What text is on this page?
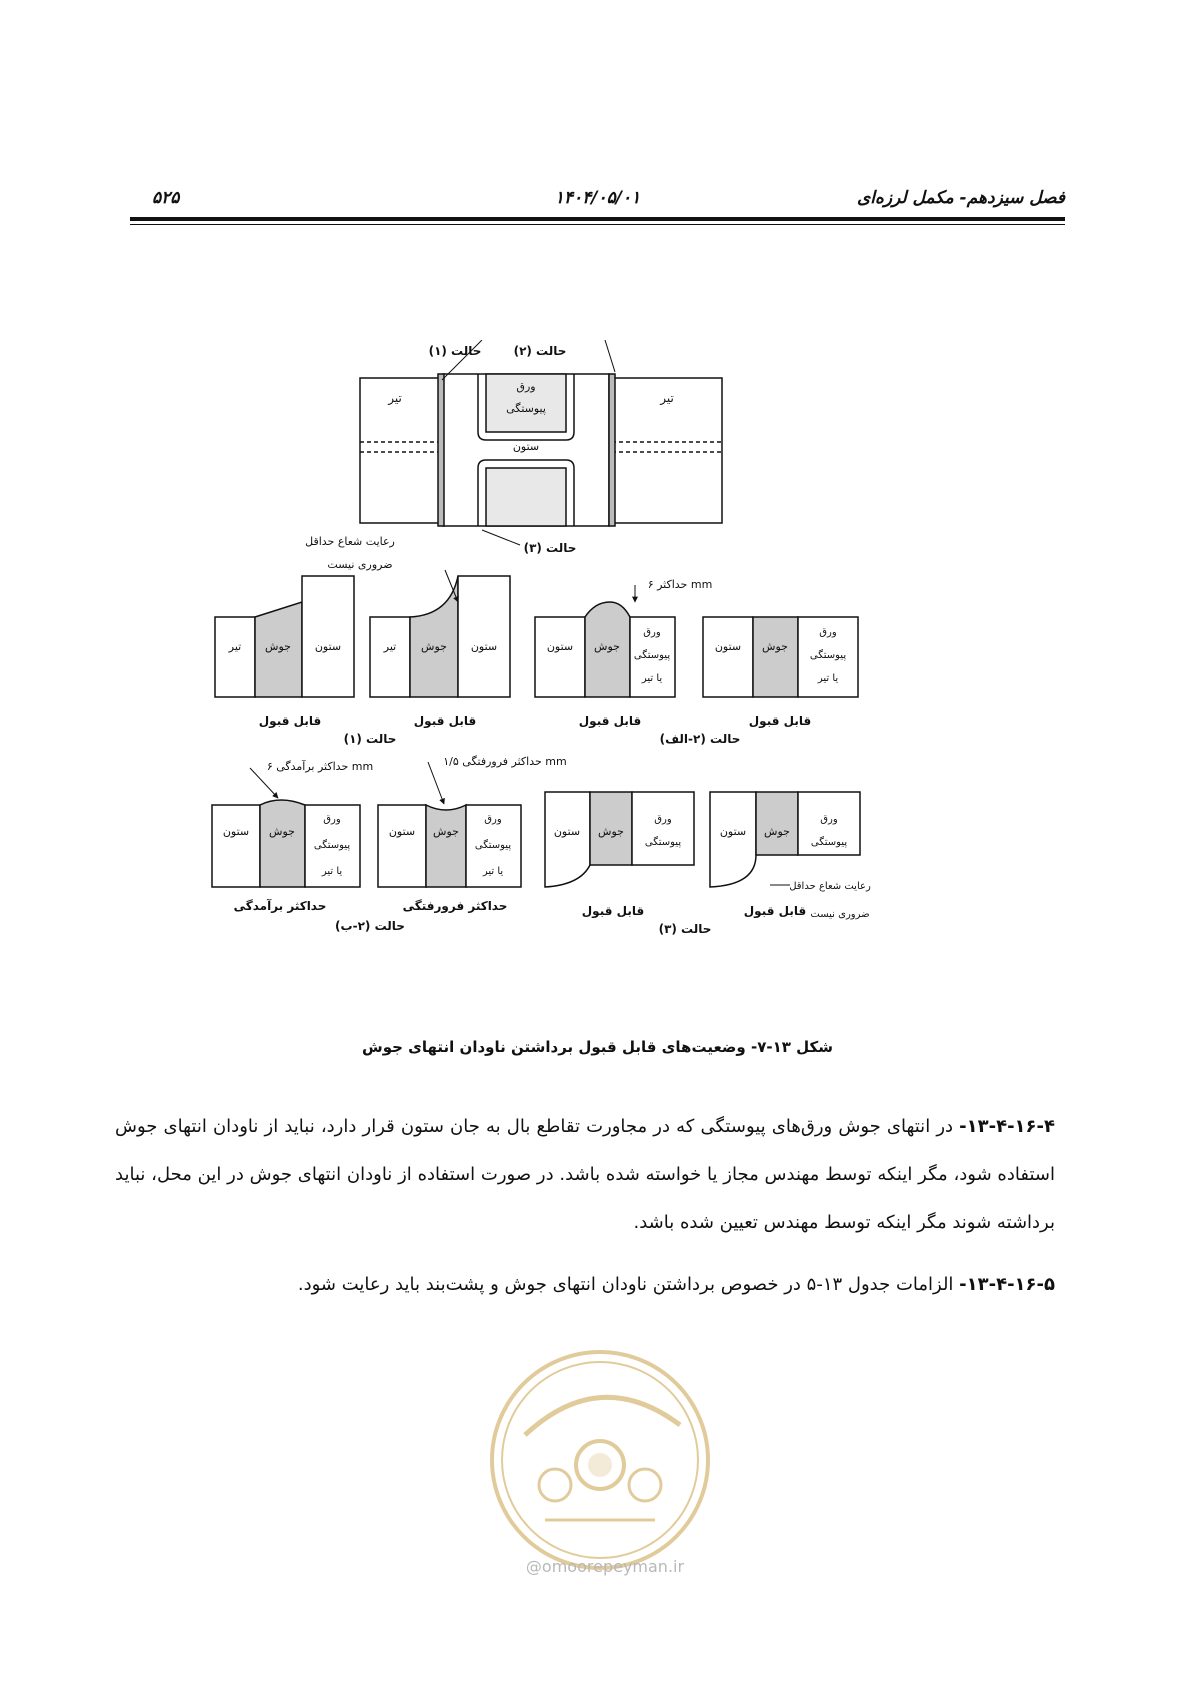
فصل سیزدهم- مکمل لرزه‌ای
۱۴۰۴/۰۵/۰۱
۵۲۵
تیر	تیر
ورق
پیوستگی
ستون
حالت (۱)	حالت (۲)
حالت (۳)
رعایت شعاع حداقل
ضروری نیست
تیر جوش ستون	تیر جوش ستون	ستون جوش
ورق
پیوستگی
یا تیر
ستون جوش
ورق
پیوستگی
یا تیر
حداکثر ۶ mm
قابل قبول	قابل قبول	قابل قبول	قابل قبول
حالت (۱)	حالت (۲-الف)
ستون جوش
ورق
پیوستگی
یا تیر
ستون جوش
ورق
پیوستگی
یا تیر
ستون جوش
ورق
پیوستگی
ستون جوش
ورق
پیوستگی
حداکثر برآمدگی ۶ mm	حداکثر فرورفتگی ۱/۵ mm
رعایت شعاع حداقل
ضروری نیست
حداکثر برآمدگی	حداکثر فرورفتگی	قابل قبول	قابل قبول
حالت (۲-ب)	حالت (۳)
شکل ۱۳-۷- وضعیت‌های قابل قبول برداشتن ناودان انتهای جوش
۱۳-۴-۱۶-۴- در انتهای جوش ورق‌های پیوستگی که در مجاورت تقاطع بال به جان ستون قرار دارد، نباید از ناودان انتهای جوش استفاده شود، مگر اینکه توسط مهندس مجاز یا خواسته شده باشد. در صورت استفاده از ناودان انتهای جوش در این محل، نباید برداشته شوند مگر اینکه توسط مهندس تعیین شده باشد.
۱۳-۴-۱۶-۵- الزامات جدول ۱۳-۵ در خصوص برداشتن ناودان انتهای جوش و پشت‌بند باید رعایت شود.
@omoorepeyman.ir
